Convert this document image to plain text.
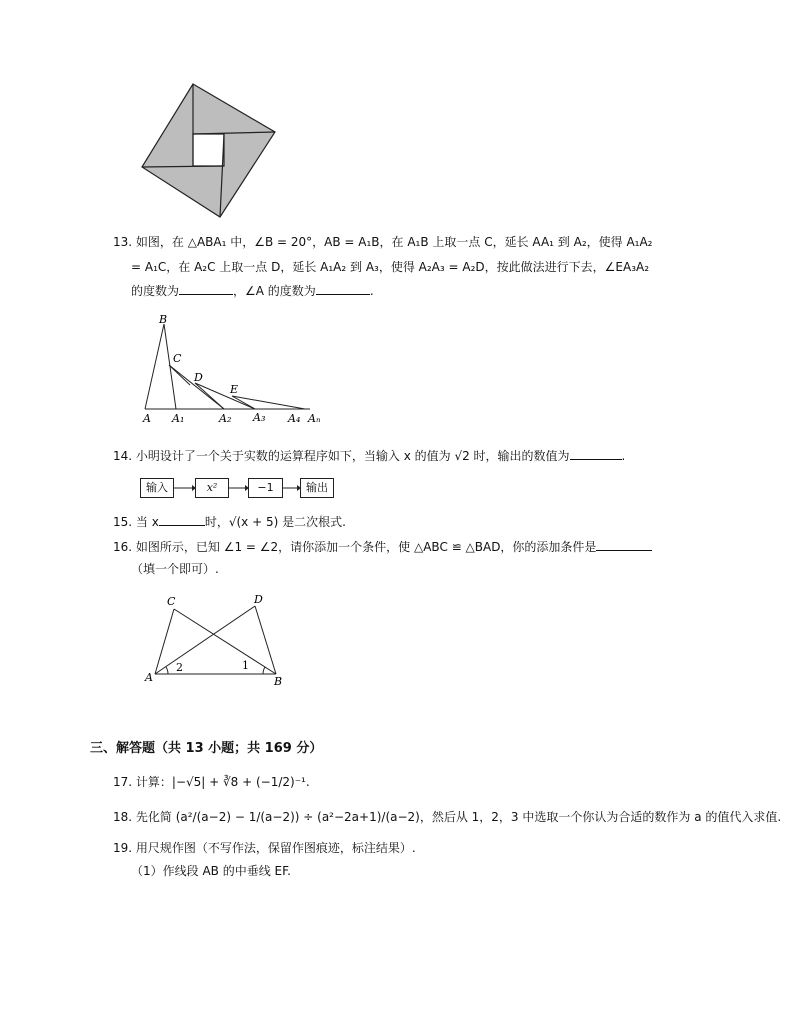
13. 如图，在 △ABA₁ 中，∠B = 20°，AB = A₁B，在 A₁B 上取一点 C，延长 AA₁ 到 A₂，使得 A₁A₂
= A₁C，在 A₂C 上取一点 D，延长 A₁A₂ 到 A₃，使得 A₂A₃ = A₂D，按此做法进行下去，∠EA₃A₂
的度数为	，∠A 的度数为	.
B
C
D
E
A A₁	A₂ A₃ A₄ Aₙ
14. 小明设计了一个关于实数的运算程序如下，当输入 x 的值为 √2 时，输出的数值为	.
输入	x²	−1	输出
15. 当 x	时，√(x + 5) 是二次根式.
16. 如图所示，已知 ∠1 = ∠2，请你添加一个条件，使 △ABC ≌ △BAD，你的添加条件是
（填一个即可）.
C	D
A	B
2	1
三、解答题（共 13 小题；共 169 分）
17. 计算：|−√5| + ∛8 + (−1/2)⁻¹.
18. 先化简 (a²/(a−2) − 1/(a−2)) ÷ (a²−2a+1)/(a−2)，然后从 1，2，3 中选取一个你认为合适的数作为 a 的值代入求值.
19. 用尺规作图（不写作法，保留作图痕迹，标注结果）.
（1）作线段 AB 的中垂线 EF.
